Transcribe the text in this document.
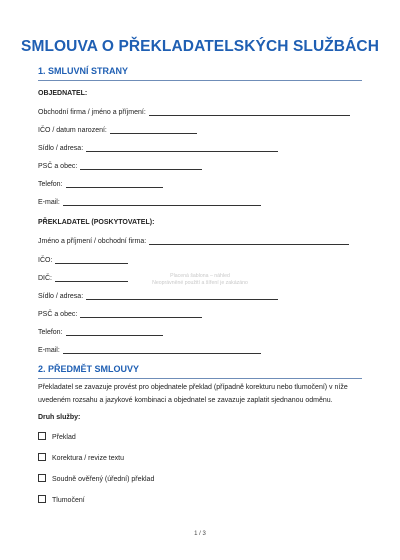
SMLOUVA O PŘEKLADATELSKÝCH SLUŽBÁCH
1. SMLUVNÍ STRANY
OBJEDNATEL:
Obchodní firma / jméno a příjmení:
IČO / datum narození:
Sídlo / adresa:
PSČ a obec:
Telefon:
E-mail:
PŘEKLADATEL (POSKYTOVATEL):
Jméno a příjmení / obchodní firma:
IČO:
DIČ:
Sídlo / adresa:
PSČ a obec:
Telefon:
E-mail:
2. PŘEDMĚT SMLOUVY
Překladatel se zavazuje provést pro objednatele překlad (případně korekturu nebo tlumočení) v níže uvedeném rozsahu a jazykové kombinaci a objednatel se zavazuje zaplatit sjednanou odměnu.
Druh služby:
Překlad
Korektura / revize textu
Soudně ověřený (úřední) překlad
Tlumočení
Placená šablona – náhled
Neoprávněné použití a šíření je zakázáno
1 / 3
